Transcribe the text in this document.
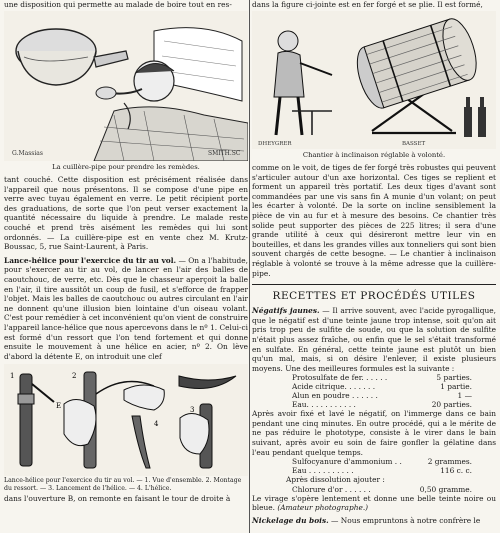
une disposition qui permette au malade de boire tout en res-
G.Massias	SMITH.SC
La cuillère-pipe pour prendre les remèdes.

tant couché. Cette disposition est précisément réalisée dans l'appareil que nous présentons. Il se compose d'une pipe en verre avec tuyau également en verre. Le petit récipient porte des graduations, de sorte que l'on peut verser exactement la quantité nécessaire du liquide à prendre. Le malade reste couché et prend très aisément les remèdes qui lui sont ordonnés. — La cuillère-pipe est en vente chez M. Krutz-Boussac, 5, rue Saint-Laurent, à Paris.

Lance-hélice pour l'exercice du tir au vol. — On a l'habitude, pour s'exercer au tir au vol, de lancer en l'air des balles de caoutchouc, de verre, etc. Dès que le chasseur aperçoit la balle en l'air, il tire aussitôt un coup de fusil, et s'efforce de frapper l'objet. Mais les balles de caoutchouc ou autres circulant en l'air ne donnent qu'une illusion bien lointaine d'un oiseau volant. C'est pour remédier à cet inconvénient qu'on vient de construire l'appareil lance-hélice que nous apercevons dans le nº 1. Celui-ci est formé d'un ressort que l'on tend fortement et qui donne ensuite le mouvement à une hélice en acier, nº 2. On lève d'abord la détente E, on introduit une clef

1
E
2
3
4
Lance-hélice pour l'exercice du tir au vol. — 1. Vue d'ensemble. 2. Montage du ressort. — 3. Lancement de l'hélice. — 4. L'hélice.
dans l'ouverture B, on remonte en faisant le tour de droite à
dans la figure ci-jointe est en fer forgé et se plie. Il est formé,
DHEYGRER	BASSET
Chantier à inclinaison réglable à volonté.

comme on le voit, de tiges de fer forgé très robustes qui peuvent s'articuler autour d'un axe horizontal. Ces tiges se replient et forment un appareil très portatif. Les deux tiges d'avant sont commandées par une vis sans fin A munie d'un volant; on peut les écarter à volonté. De la sorte on incline sensiblement la pièce de vin au fur et à mesure des besoins. Ce chantier très solide peut supporter des pièces de 225 litres; il sera d'une grande utilité à ceux qui désireront mettre leur vin en bouteilles, et dans les grandes villes aux tonneliers qui sont bien souvent chargés de cette besogne. — Le chantier à inclinaison réglable à volonté se trouve à la même adresse que la cuillère-pipe.

RECETTES ET PROCÉDÉS UTILES

Négatifs jaunes. — Il arrive souvent, avec l'acide pyrogallique, que le négatif est d'une teinte jaune trop intense, soit qu'on ait pris trop peu de sulfite de soude, ou que la solution de sulfite n'était plus assez fraîche, ou enfin que le sel s'était transformé en sulfate. En général, cette teinte jaune est plutôt un bien qu'un mal, mais, si on désire l'enlever, il existe plusieurs moyens. Une des meilleures formules est la suivante :

Protosulfate de fer. . . . . .	5 parties.
Acide citrique. . . . . . .	1 partie.
Alun en poudre . . . . . .	1 —
Eau. . . . . . . . . . .	20 parties.

Après avoir fixé et lavé le négatif, on l'immerge dans ce bain pendant une cinq minutes. En outre procédé, qui a le mérite de ne pas réduire le phototype, consiste à le virer dans le bain suivant, après avoir eu soin de faire gonfler la gélatine dans l'eau pendant quelque temps.

Sulfocyanure d'ammonium . .	2 grammes.
Eau . . . . . . . . . .	116 c. c.
Après dissolution ajouter :
Chlorure d'or . . . . . .	0,50 gramme.

Le virage s'opère lentement et donne une belle teinte noire ou bleue. (Amateur photographe.)

Nickelage du bois. — Nous empruntons à notre confrère le
